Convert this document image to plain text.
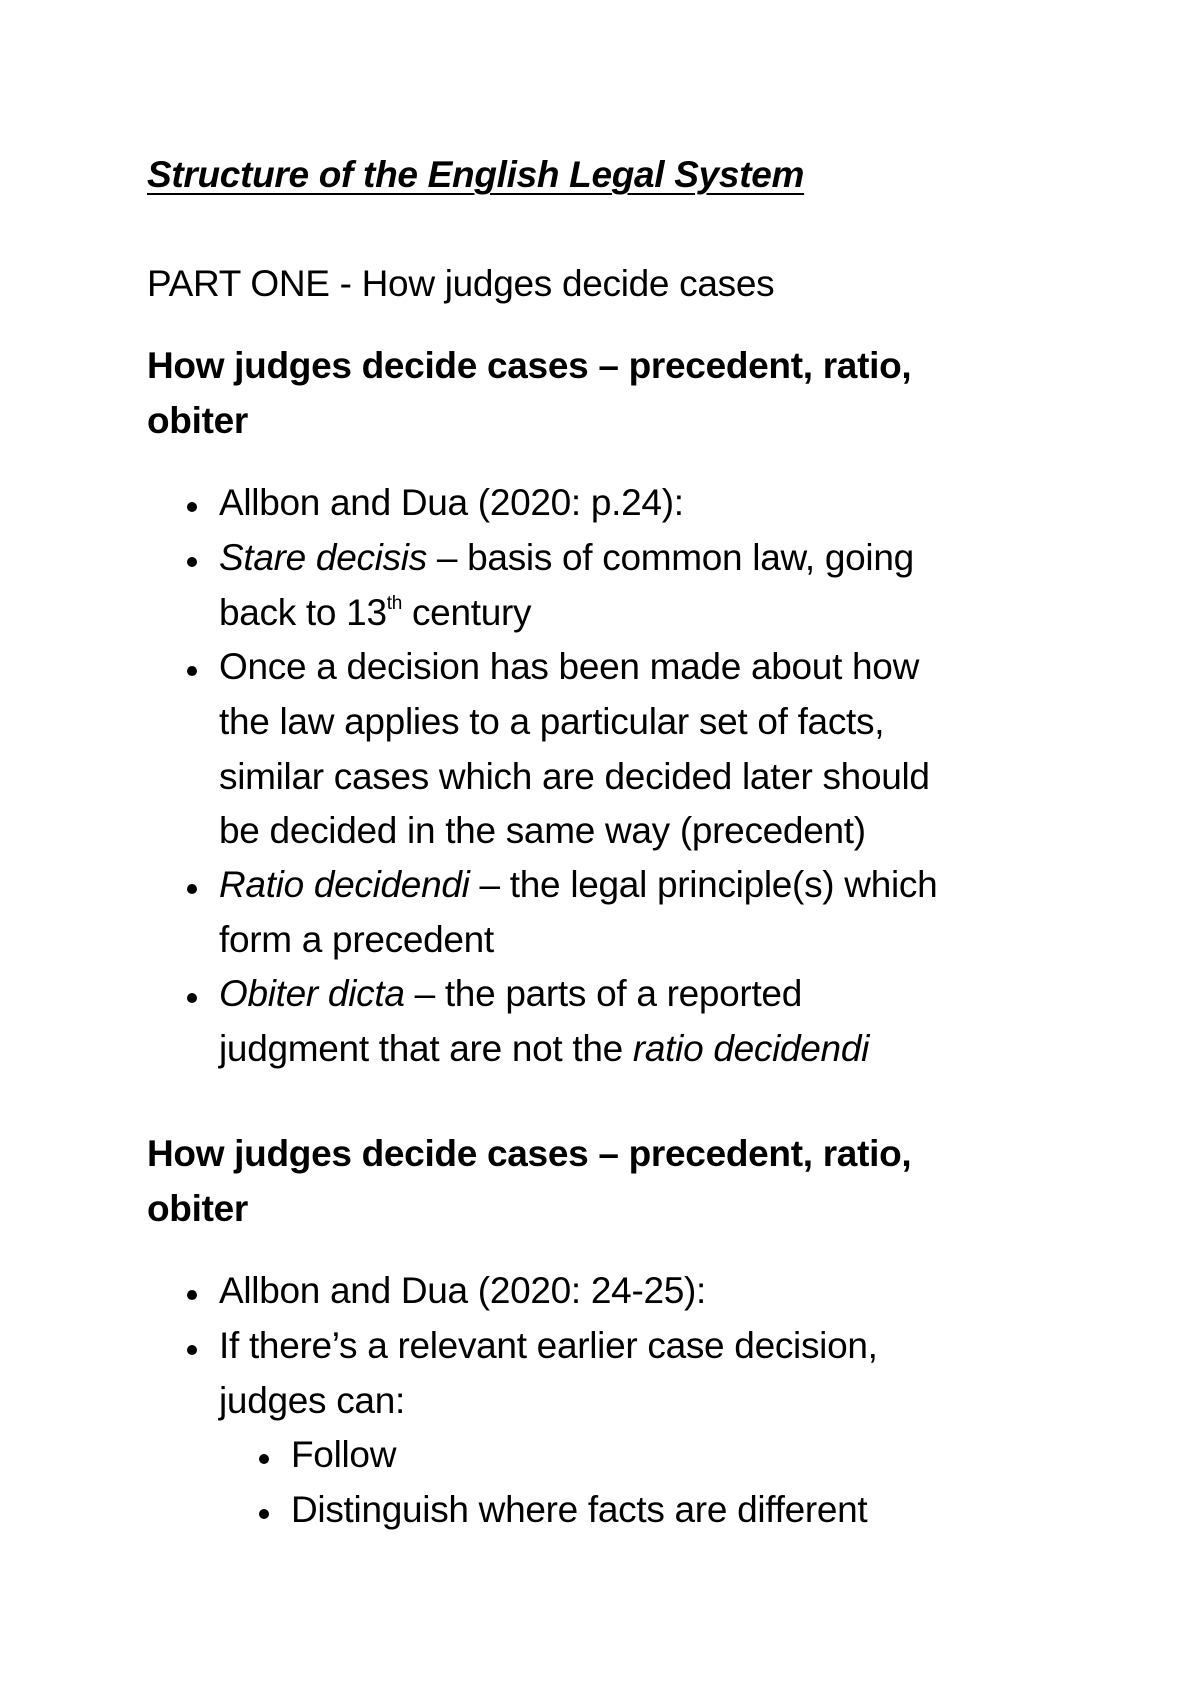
Structure of the English Legal System
PART ONE - How judges decide cases
How judges decide cases – precedent, ratio,
obiter
Allbon and Dua (2020: p.24):
Stare decisis – basis of common law, going
back to 13th century
Once a decision has been made about how
the law applies to a particular set of facts,
similar cases which are decided later should
be decided in the same way (precedent)
Ratio decidendi – the legal principle(s) which
form a precedent
Obiter dicta – the parts of a reported
judgment that are not the ratio decidendi
How judges decide cases – precedent, ratio,
obiter
Allbon and Dua (2020: 24-25):
If there’s a relevant earlier case decision,
judges can:
Follow
Distinguish where facts are different
